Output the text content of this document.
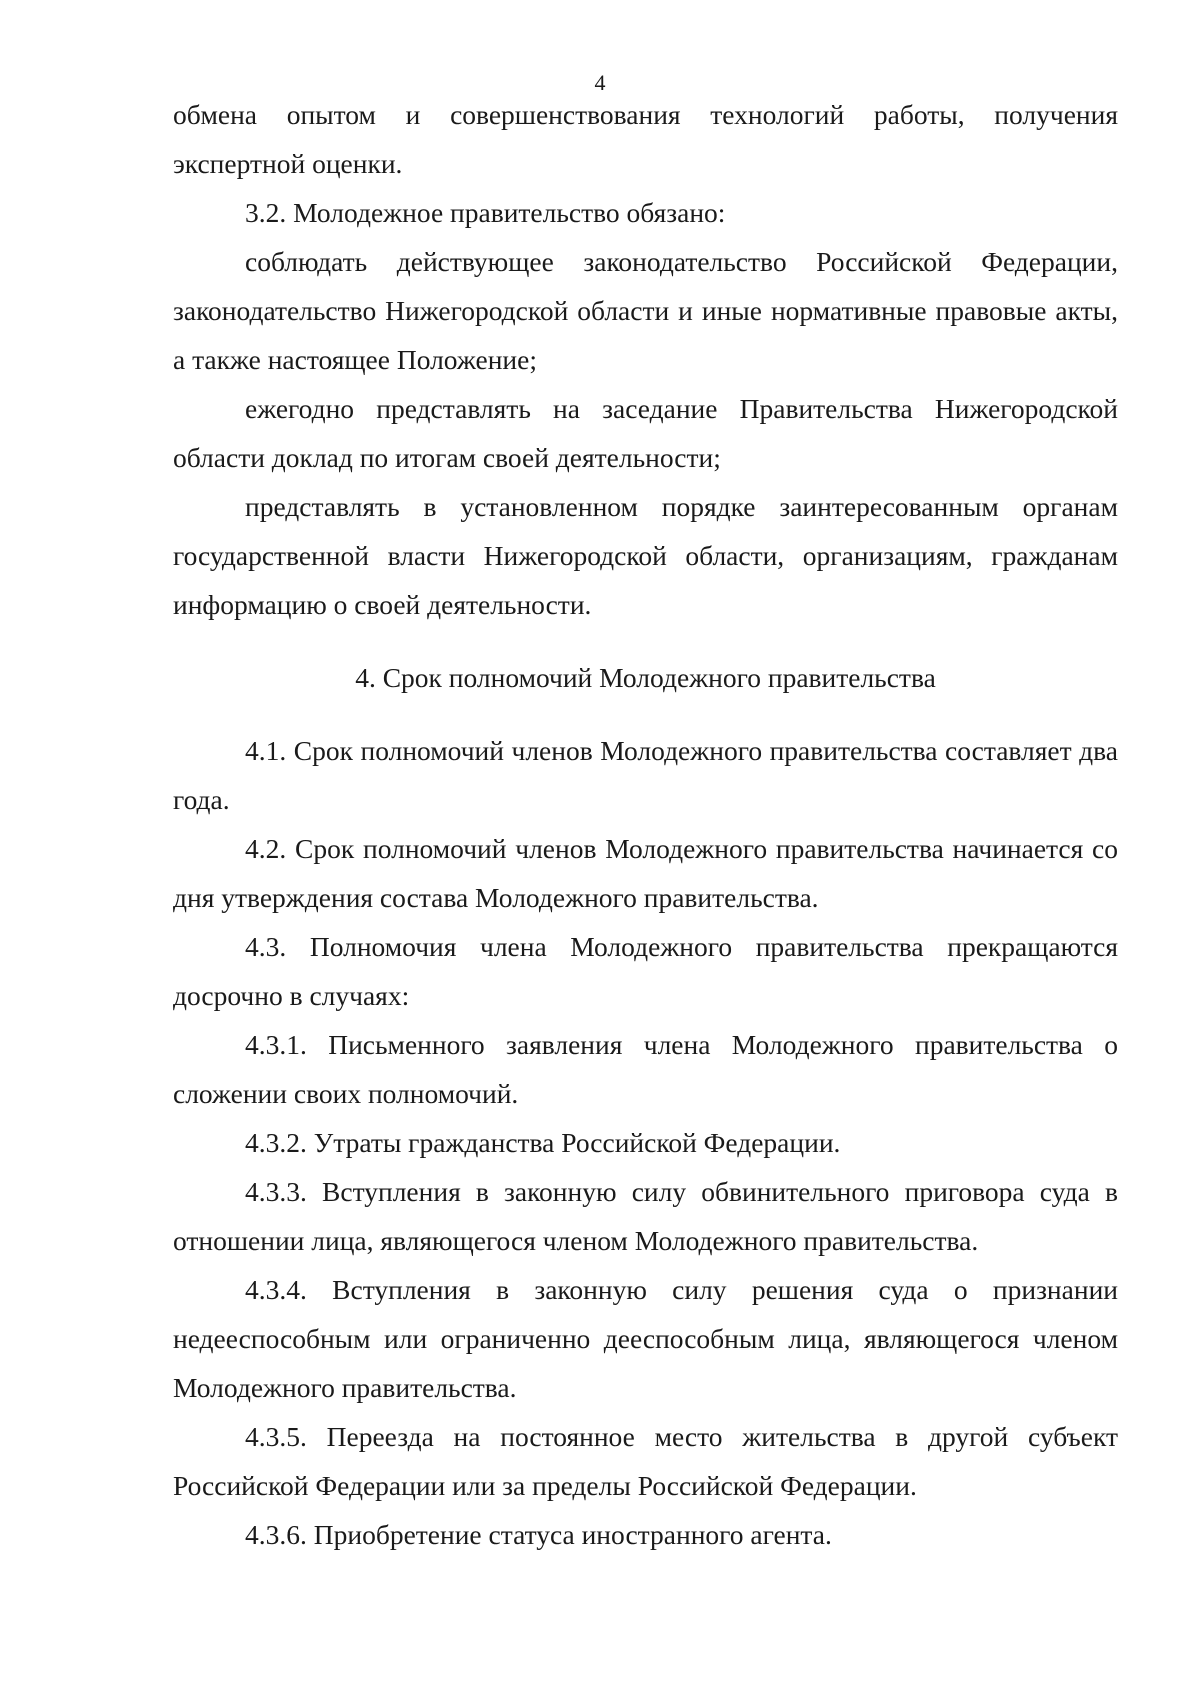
4

обмена опытом и совершенствования технологий работы, получения экспертной оценки.

3.2. Молодежное правительство обязано:

соблюдать действующее законодательство Российской Федерации, законодательство Нижегородской области и иные нормативные правовые акты, а также настоящее Положение;

ежегодно представлять на заседание Правительства Нижегородской области доклад по итогам своей деятельности;

представлять в установленном порядке заинтересованным органам государственной власти Нижегородской области, организациям, гражданам информацию о своей деятельности.

4. Срок полномочий Молодежного правительства

4.1. Срок полномочий членов Молодежного правительства составляет два года.

4.2. Срок полномочий членов Молодежного правительства начинается со дня утверждения состава Молодежного правительства.

4.3. Полномочия члена Молодежного правительства прекращаются досрочно в случаях:

4.3.1. Письменного заявления члена Молодежного правительства о сложении своих полномочий.

4.3.2. Утраты гражданства Российской Федерации.

4.3.3. Вступления в законную силу обвинительного приговора суда в отношении лица, являющегося членом Молодежного правительства.

4.3.4. Вступления в законную силу решения суда о признании недееспособным или ограниченно дееспособным лица, являющегося членом Молодежного правительства.

4.3.5. Переезда на постоянное место жительства в другой субъект Российской Федерации или за пределы Российской Федерации.

4.3.6. Приобретение статуса иностранного агента.
